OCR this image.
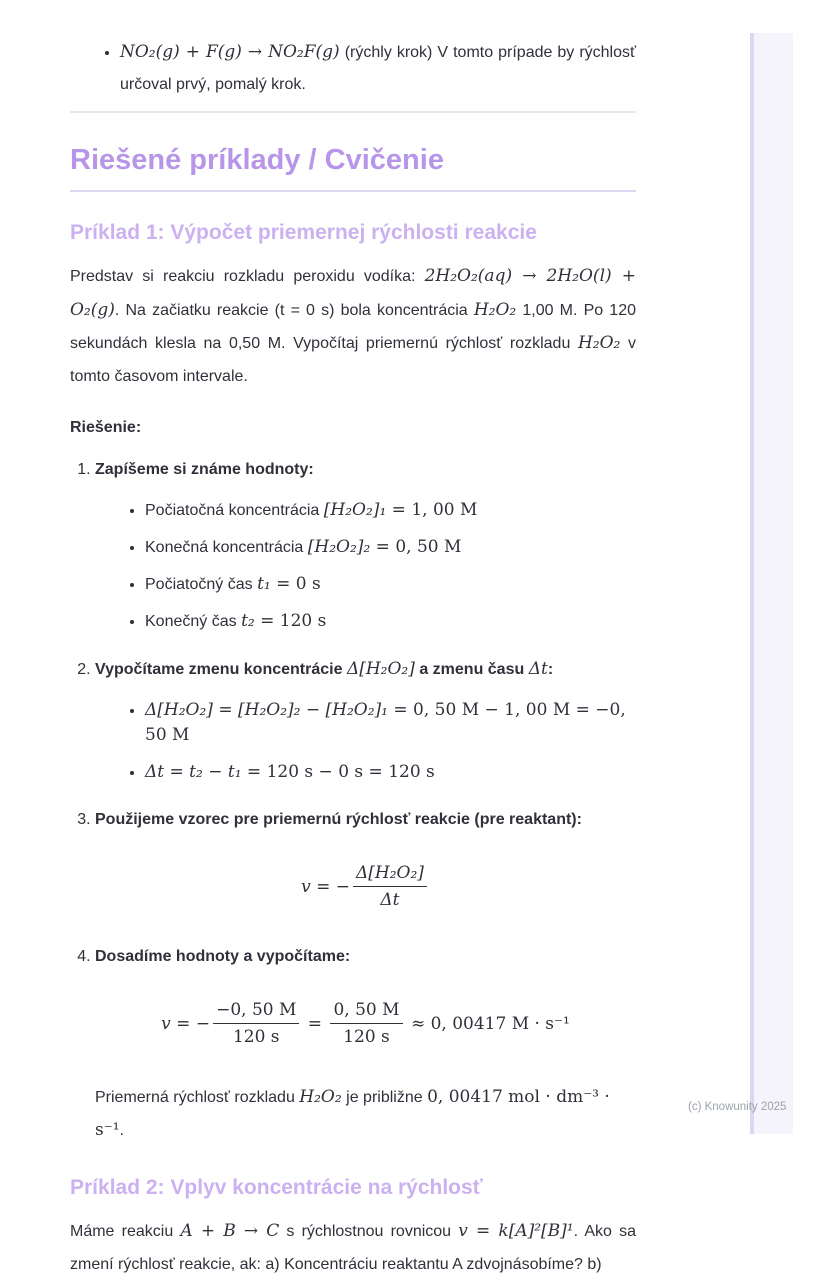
• NO₂(g) + F(g) → NO₂F(g) (rýchly krok) V tomto prípade by rýchlosť určoval prvý, pomalý krok.
Riešené príklady / Cvičenie
Príklad 1: Výpočet priemernej rýchlosti reakcie

Predstav si reakciu rozkladu peroxidu vodíka: 2H₂O₂(aq) → 2H₂O(l) + O₂(g). Na začiatku reakcie (t = 0 s) bola koncentrácia H₂O₂ 1,00 M. Po 120 sekundách klesla na 0,50 M. Vypočítaj priemernú rýchlosť rozkladu H₂O₂ v tomto časovom intervale.

Riešenie:

1. Zapíšeme si známe hodnoty:
• Počiatočná koncentrácia [H₂O₂]₁ = 1, 00 M
• Konečná koncentrácia [H₂O₂]₂ = 0, 50 M
• Počiatočný čas t₁ = 0 s
• Konečný čas t₂ = 120 s
2. Vypočítame zmenu koncentrácie Δ[H₂O₂] a zmenu času Δt:
• Δ[H₂O₂] = [H₂O₂]₂ − [H₂O₂]₁ = 0, 50 M − 1, 00 M = −0, 50 M
• Δt = t₂ − t₁ = 120 s − 0 s = 120 s
3. Použijeme vzorec pre priemernú rýchlosť reakcie (pre reaktant):
v = − $\frac{\text{Δ[H₂O₂]}}{\Delta t}$
4. Dosadíme hodnoty a vypočítame:
v = − $\frac{-0, 50 M}{120 s} = \frac{0, 50 M}{120 s} \approx 0$, 00417 M · s⁻¹

Priemerná rýchlosť rozkladu H₂O₂ je približne 0, 00417 mol · dm⁻³ · s⁻¹.

Príklad 2: Vplyv koncentrácie na rýchlosť

Máme reakciu A + B → C s rýchlostnou rovnicou v = k[A]²[B]¹. Ako sa zmení rýchlosť reakcie, ak: a) Koncentráciu reaktantu A zdvojnásobíme? b)

(c) Knowunity 2025
